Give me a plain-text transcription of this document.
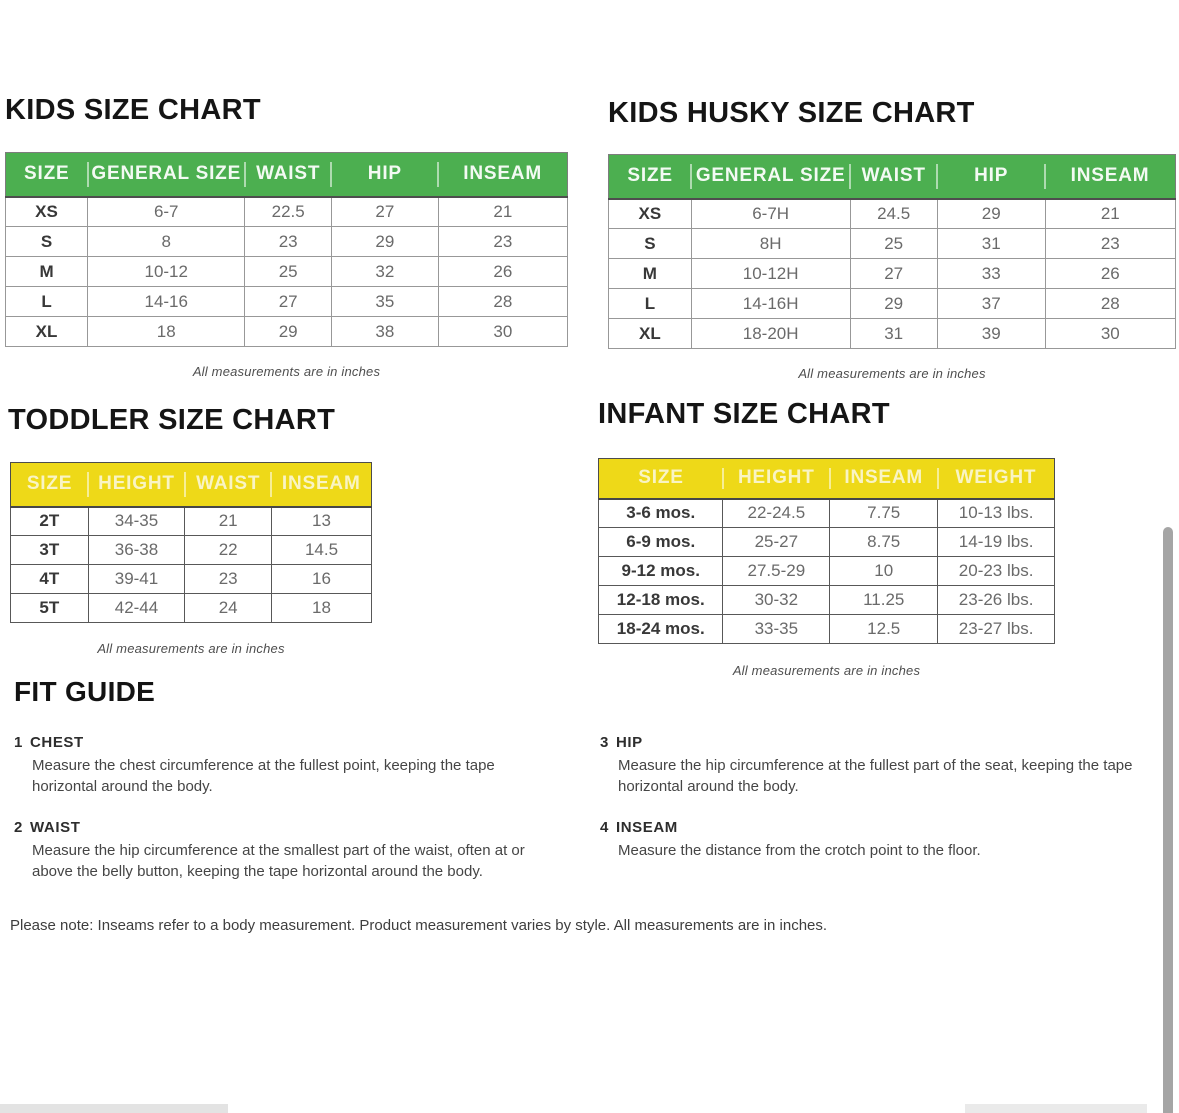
KIDS SIZE CHART
SIZE	GENERAL SIZE	WAIST	HIP	INSEAM
XS	6-7	22.5	27	21
S	8	23	29	23
M	10-12	25	32	26
L	14-16	27	35	28
XL	18	29	38	30
All measurements are in inches
KIDS HUSKY SIZE CHART
SIZE	GENERAL SIZE	WAIST	HIP	INSEAM
XS	6-7H	24.5	29	21
S	8H	25	31	23
M	10-12H	27	33	26
L	14-16H	29	37	28
XL	18-20H	31	39	30
All measurements are in inches
TODDLER SIZE CHART
SIZE	HEIGHT	WAIST	INSEAM
2T	34-35	21	13
3T	36-38	22	14.5
4T	39-41	23	16
5T	42-44	24	18
All measurements are in inches
INFANT SIZE CHART
SIZE	HEIGHT	INSEAM	WEIGHT
3-6 mos.	22-24.5	7.75	10-13 lbs.
6-9 mos.	25-27	8.75	14-19 lbs.
9-12 mos.	27.5-29	10	20-23 lbs.
12-18 mos.	30-32	11.25	23-26 lbs.
18-24 mos.	33-35	12.5	23-27 lbs.
All measurements are in inches
FIT GUIDE
1 CHEST
Measure the chest circumference at the fullest point, keeping the tape horizontal around the body.
2 WAIST
Measure the hip circumference at the smallest part of the waist, often at or above the belly button, keeping the tape horizontal around the body.
3 HIP
Measure the hip circumference at the fullest part of the seat, keeping the tape horizontal around the body.
4 INSEAM
Measure the distance from the crotch point to the floor.
Please note: Inseams refer to a body measurement. Product measurement varies by style. All measurements are in inches.
